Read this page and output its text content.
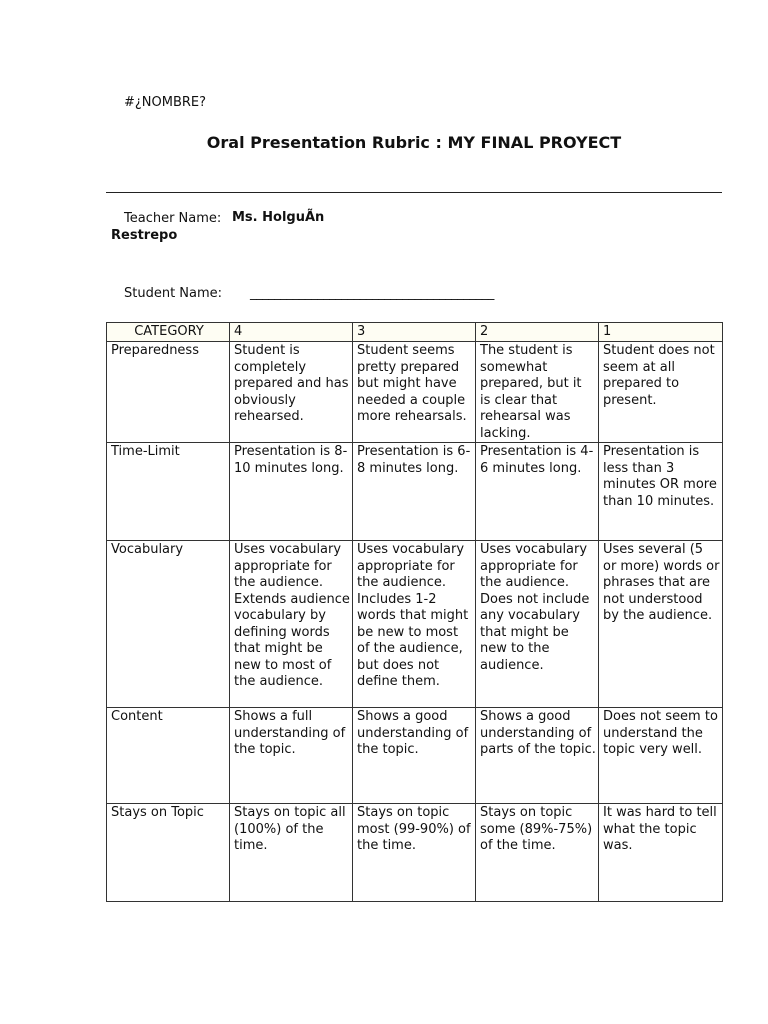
#¿NOMBRE?
Oral Presentation Rubric : MY FINAL PROYECT
Teacher Name: Ms. HolguÃn
Restrepo
Student Name: ________________________________________
CATEGORY	4	3	2	1
Preparedness	Student is completely prepared and has obviously rehearsed.	Student seems pretty prepared but might have needed a couple more rehearsals.	The student is somewhat prepared, but it is clear that rehearsal was lacking.	Student does not seem at all prepared to present.
Time-Limit	Presentation is 8-10 minutes long.	Presentation is 6-8 minutes long.	Presentation is 4-6 minutes long.	Presentation is less than 3 minutes OR more than 10 minutes.
Vocabulary	Uses vocabulary appropriate for the audience. Extends audience vocabulary by defining words that might be new to most of the audience.	Uses vocabulary appropriate for the audience. Includes 1-2 words that might be new to most of the audience, but does not define them.	Uses vocabulary appropriate for the audience. Does not include any vocabulary that might be new to the audience.	Uses several (5 or more) words or phrases that are not understood by the audience.
Content	Shows a full understanding of the topic.	Shows a good understanding of the topic.	Shows a good understanding of parts of the topic.	Does not seem to understand the topic very well.
Stays on Topic	Stays on topic all (100%) of the time.	Stays on topic most (99-90%) of the time.	Stays on topic some (89%-75%) of the time.	It was hard to tell what the topic was.
